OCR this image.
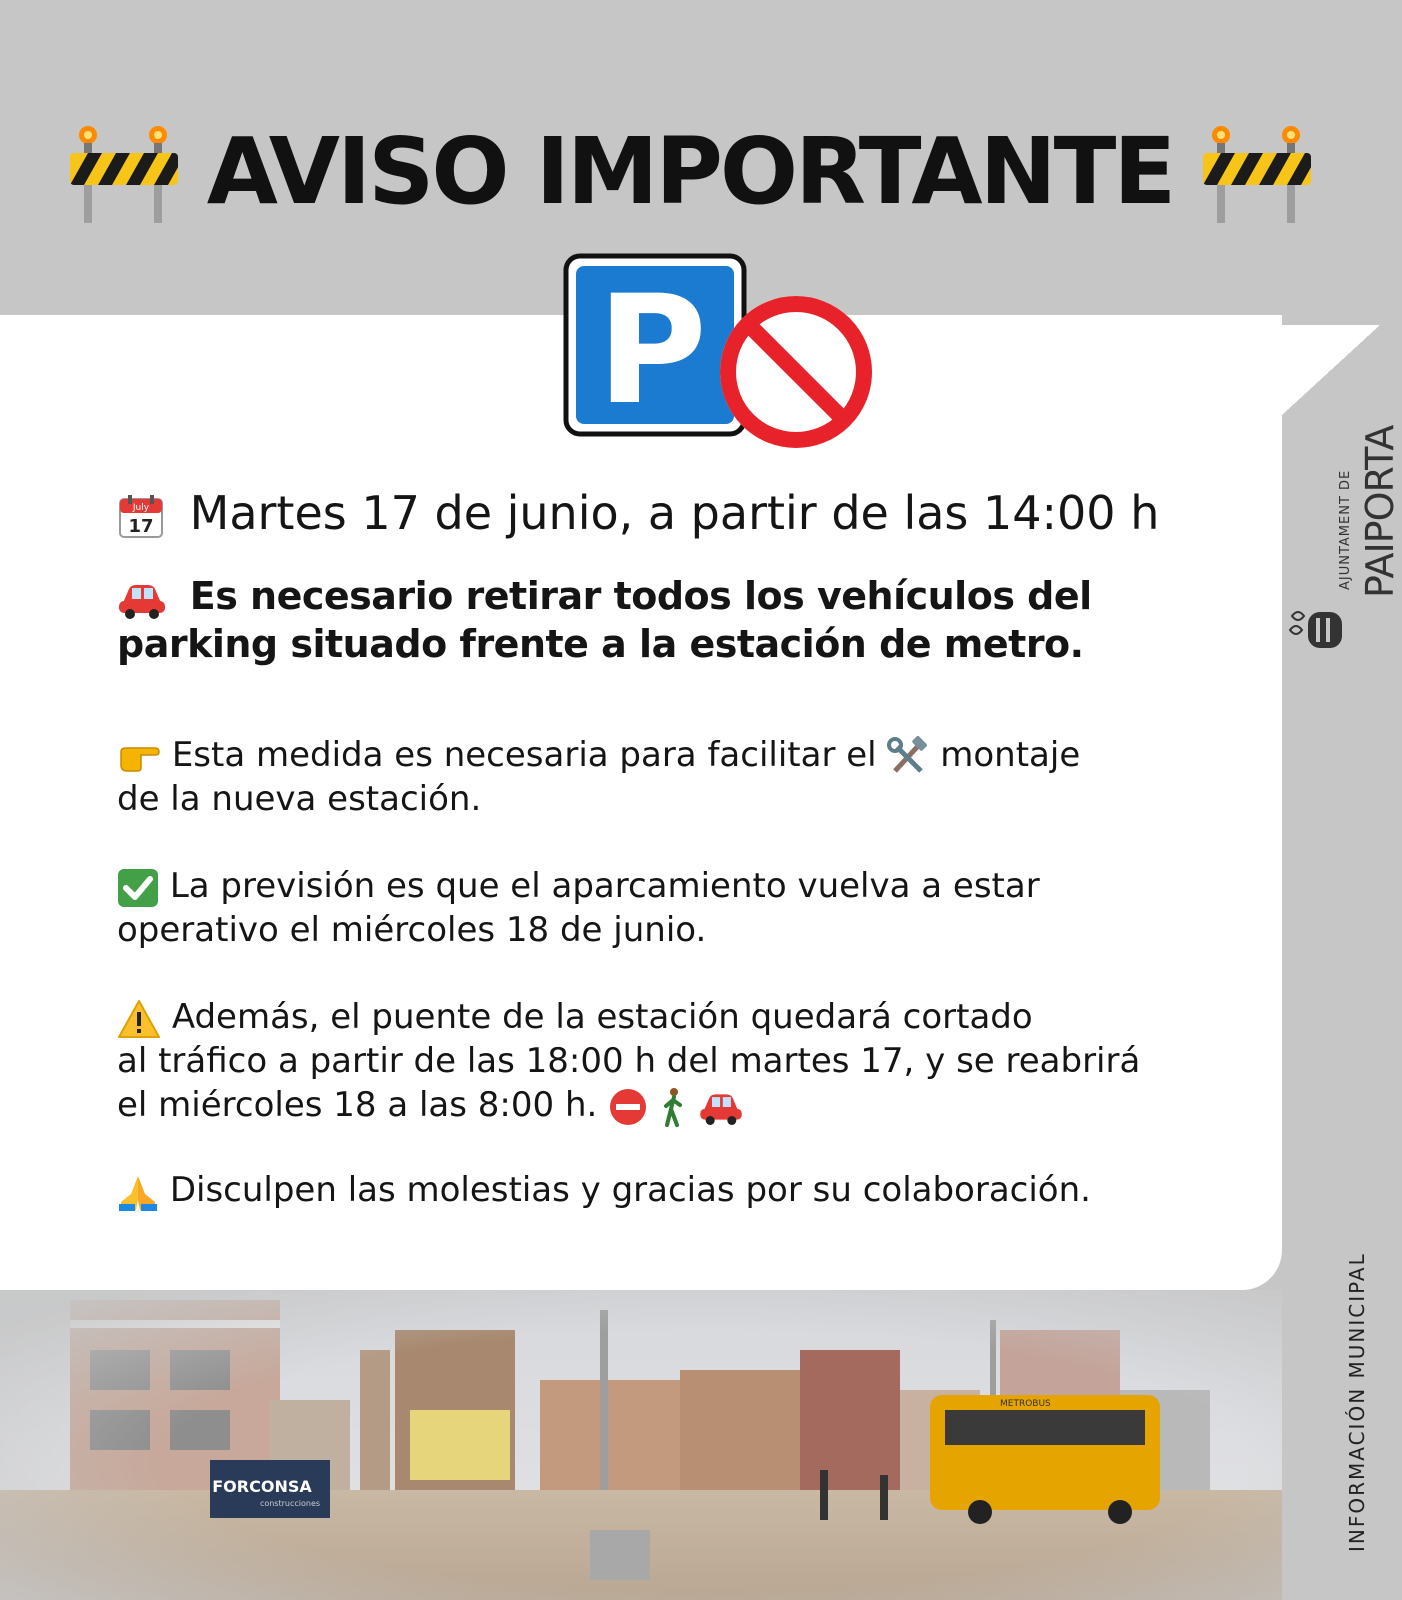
AVISO IMPORTANTE
P
July
17 Martes 17 de junio, a partir de las 14:00 h
Es necesario retirar todos los vehículos del
parking situado frente a la estación de metro.
Esta medida es necesaria para facilitar el montaje
de la nueva estación.
La previsión es que el aparcamiento vuelva a estar
operativo el miércoles 18 de junio.
Además, el puente de la estación quedará cortado
al tráfico a partir de las 18:00 h del martes 17, y se reabrirá
el miércoles 18 a las 8:00 h.
Disculpen las molestias y gracias por su colaboración.
AJUNTAMENT DE PAIPORTA
INFORMACIÓN MUNICIPAL
